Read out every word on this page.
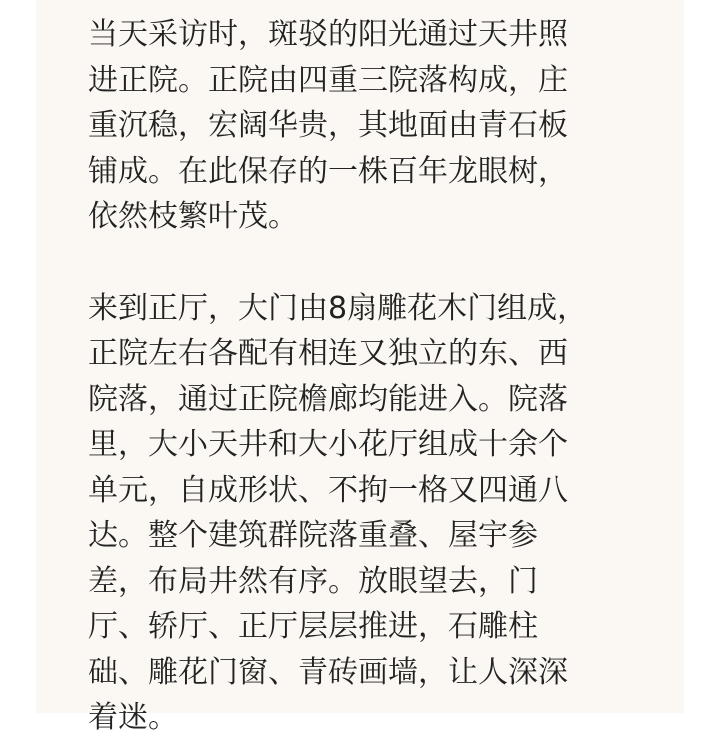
当天采访时，斑驳的阳光通过天井照
进正院。正院由四重三院落构成，庄
重沉稳，宏阔华贵，其地面由青石板
铺成。在此保存的一株百年龙眼树，
依然枝繁叶茂。
来到正厅，大门由8扇雕花木门组成，
正院左右各配有相连又独立的东、西
院落，通过正院檐廊均能进入。院落
里，大小天井和大小花厅组成十余个
单元，自成形状、不拘一格又四通八
达。整个建筑群院落重叠、屋宇参
差，布局井然有序。放眼望去，门
厅、轿厅、正厅层层推进，石雕柱
础、雕花门窗、青砖画墙，让人深深
着迷。
